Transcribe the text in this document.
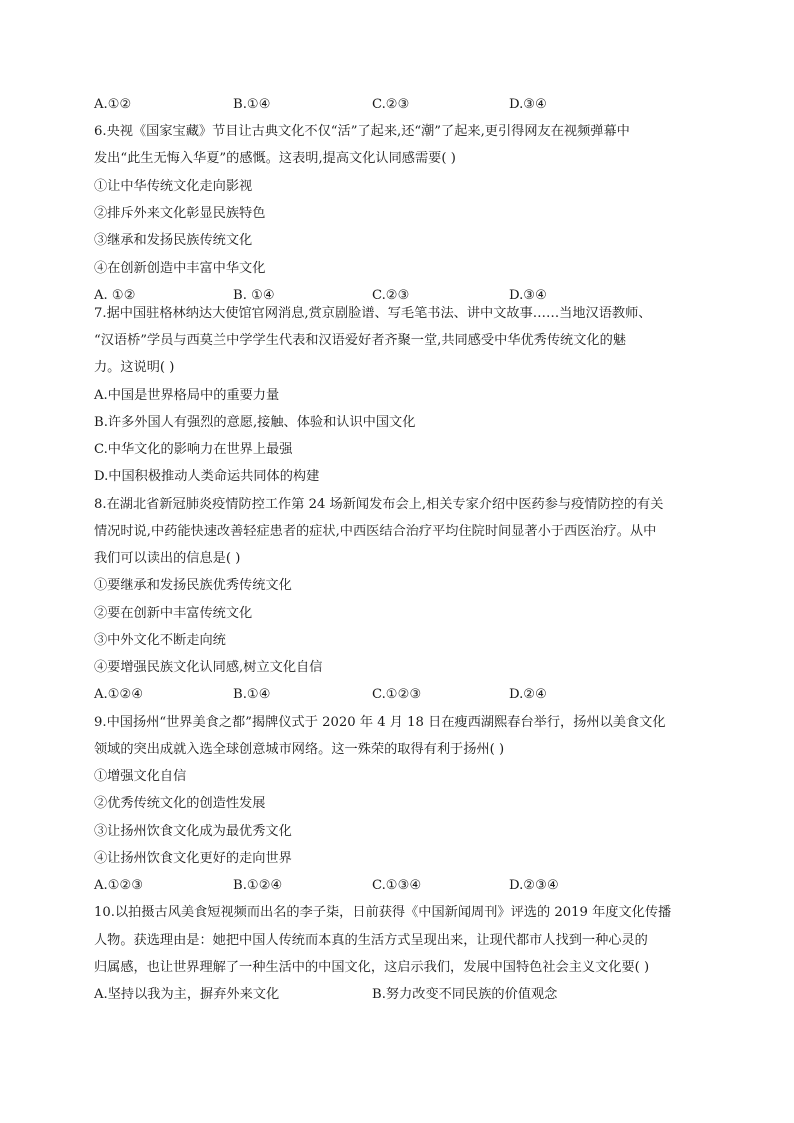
A.①②	B.①④	C.②③	D.③④
6.央视《国家宝藏》节目让古典文化不仅“活”了起来,还“潮”了起来,更引得网友在视频弹幕中
发出“此生无悔入华夏”的感慨。这表明,提高文化认同感需要( )
①让中华传统文化走向影视
②排斥外来文化彰显民族特色
③继承和发扬民族传统文化
④在创新创造中丰富中华文化
A. ①②	B. ①④	C.②③	D.③④
7.据中国驻格林纳达大使馆官网消息,赏京剧脸谱、写毛笔书法、讲中文故事……当地汉语教师、
“汉语桥”学员与西莫兰中学学生代表和汉语爱好者齐聚一堂,共同感受中华优秀传统文化的魅
力。这说明( )
A.中国是世界格局中的重要力量
B.许多外国人有强烈的意愿,接触、体验和认识中国文化
C.中华文化的影响力在世界上最强
D.中国积极推动人类命运共同体的构建
8.在湖北省新冠肺炎疫情防控工作第 24 场新闻发布会上,相关专家介绍中医药参与疫情防控的有关
情况时说,中药能快速改善轻症患者的症状,中西医结合治疗平均住院时间显著小于西医治疗。从中
我们可以读出的信息是( )
①要继承和发扬民族优秀传统文化
②要在创新中丰富传统文化
③中外文化不断走向统
④要增强民族文化认同感,树立文化自信
A.①②④	B.①④	C.①②③	D.②④
9.中国扬州“世界美食之都”揭牌仪式于 2020 年 4 月 18 日在瘦西湖熙春台举行，扬州以美食文化
领域的突出成就入选全球创意城市网络。这一殊荣的取得有利于扬州( )
①增强文化自信
②优秀传统文化的创造性发展
③让扬州饮食文化成为最优秀文化
④让扬州饮食文化更好的走向世界
A.①②③	B.①②④	C.①③④	D.②③④
10.以拍摄古风美食短视频而出名的李子柒，日前获得《中国新闻周刊》评选的 2019 年度文化传播
人物。获选理由是：她把中国人传统而本真的生活方式呈现出来，让现代都市人找到一种心灵的
归属感，也让世界理解了一种生活中的中国文化，这启示我们，发展中国特色社会主义文化要( )
A.坚持以我为主，摒弃外来文化	B.努力改变不同民族的价值观念
